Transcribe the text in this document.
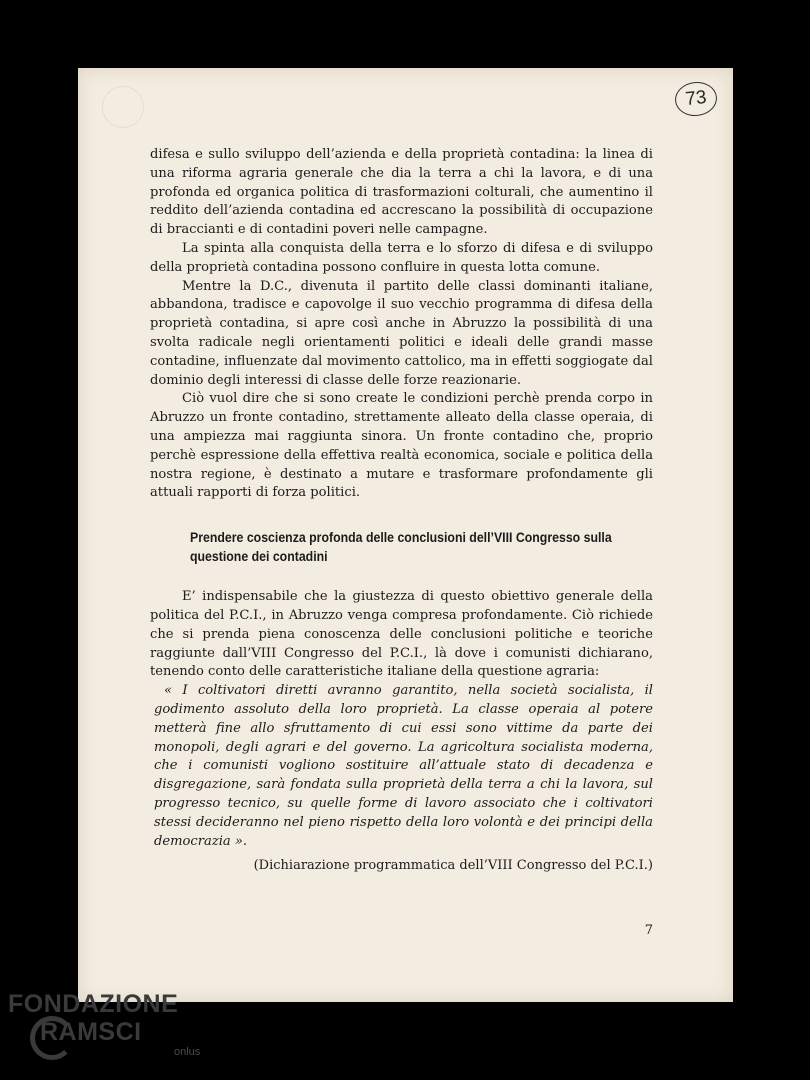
73

difesa e sullo sviluppo dell’azienda e della proprietà contadina: la linea di una riforma agraria generale che dia la terra a chi la lavora, e di una profonda ed organica politica di trasformazioni colturali, che aumentino il reddito dell’azienda contadina ed accrescano la possibilità di occupazione di braccianti e di contadini poveri nelle campagne.

La spinta alla conquista della terra e lo sforzo di difesa e di sviluppo della proprietà contadina possono confluire in questa lotta comune.

Mentre la D.C., divenuta il partito delle classi dominanti italiane, abbandona, tradisce e capovolge il suo vecchio programma di difesa della proprietà contadina, si apre così anche in Abruzzo la possibilità di una svolta radicale negli orientamenti politici e ideali delle grandi masse contadine, influenzate dal movimento cattolico, ma in effetti soggiogate dal dominio degli interessi di classe delle forze reazionarie.

Ciò vuol dire che si sono create le condizioni perchè prenda corpo in Abruzzo un fronte contadino, strettamente alleato della classe operaia, di una ampiezza mai raggiunta sinora. Un fronte contadino che, proprio perchè espressione della effettiva realtà economica, sociale e politica della nostra regione, è destinato a mutare e trasformare profondamente gli attuali rapporti di forza politici.

Prendere coscienza profonda delle conclusioni dell’VIII Congresso sulla questione dei contadini

E’ indispensabile che la giustezza di questo obiettivo generale della politica del P.C.I., in Abruzzo venga compresa profondamente. Ciò richiede che si prenda piena conoscenza delle conclusioni politiche e teoriche raggiunte dall’VIII Congresso del P.C.I., là dove i comunisti dichiarano, tenendo conto delle caratteristiche italiane della questione agraria:

« I coltivatori diretti avranno garantito, nella società socialista, il godimento assoluto della loro proprietà. La classe operaia al potere metterà fine allo sfruttamento di cui essi sono vittime da parte dei monopoli, degli agrari e del governo. La agricoltura socialista moderna, che i comunisti vogliono sostituire all’attuale stato di decadenza e disgregazione, sarà fondata sulla proprietà della terra a chi la lavora, sul progresso tecnico, su quelle forme di lavoro associato che i coltivatori stessi decideranno nel pieno rispetto della loro volontà e dei principi della democrazia ».

(Dichiarazione programmatica dell’VIII Congresso del P.C.I.)

7
FONDAZIONE
RAMSCI
onlus
